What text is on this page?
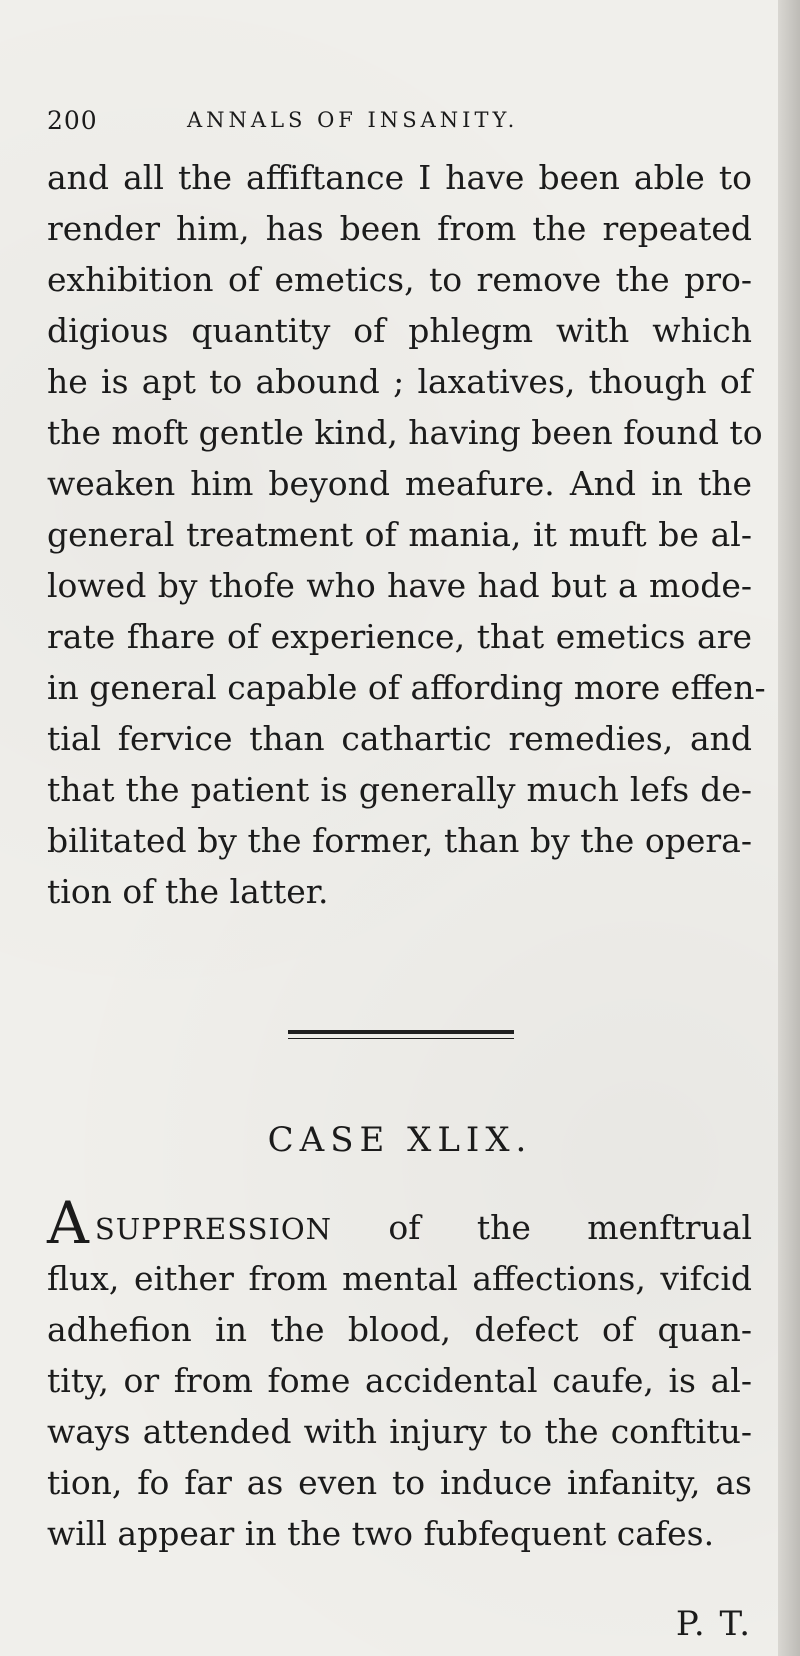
200	ANNALS OF INSANITY.
and all the affiftance I have been able to
render him, has been from the repeated
exhibition of emetics, to remove the pro-
digious quantity of phlegm with which
he is apt to abound ; laxatives, though of
the moft gentle kind, having been found to
weaken him beyond meafure. And in the
general treatment of mania, it muft be al-
lowed by thofe who have had but a mode-
rate fhare of experience, that emetics are
in general capable of affording more effen-
tial fervice than cathartic remedies, and
that the patient is generally much lefs de-
bilitated by the former, than by the opera-
tion of the latter.
CASE XLIX.
ASUPPRESSION of the menftrual
flux, either from mental affections, vifcid
adhefion in the blood, defect of quan-
tity, or from fome accidental caufe, is al-
ways attended with injury to the conftitu-
tion, fo far as even to induce infanity, as
will appear in the two fubfequent cafes.
P. T.
